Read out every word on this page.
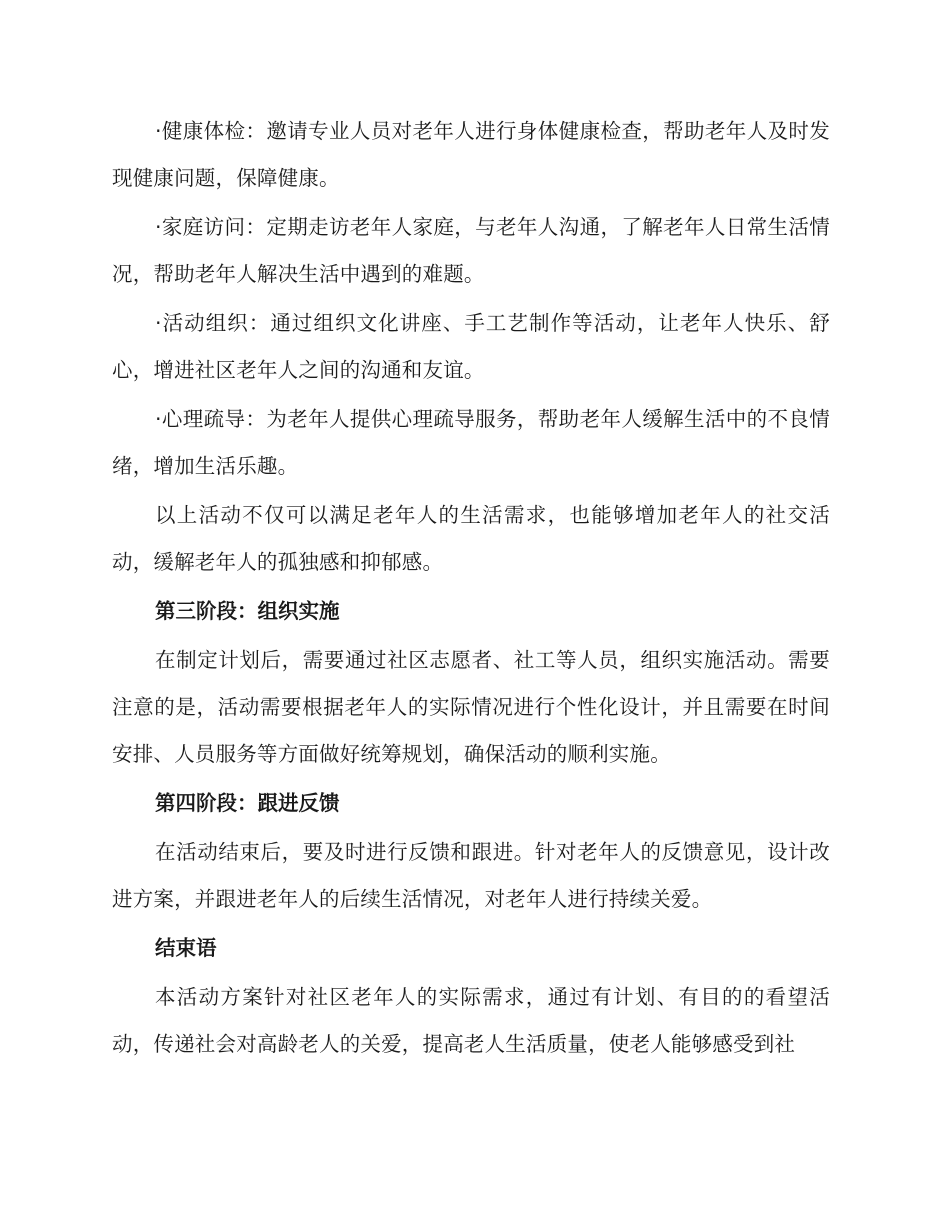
·健康体检：邀请专业人员对老年人进行身体健康检查，帮助老年人及时发现健康问题，保障健康。

·家庭访问：定期走访老年人家庭，与老年人沟通，了解老年人日常生活情况，帮助老年人解决生活中遇到的难题。

·活动组织：通过组织文化讲座、手工艺制作等活动，让老年人快乐、舒心，增进社区老年人之间的沟通和友谊。

·心理疏导：为老年人提供心理疏导服务，帮助老年人缓解生活中的不良情绪，增加生活乐趣。

以上活动不仅可以满足老年人的生活需求，也能够增加老年人的社交活动，缓解老年人的孤独感和抑郁感。

第三阶段：组织实施

在制定计划后，需要通过社区志愿者、社工等人员，组织实施活动。需要注意的是，活动需要根据老年人的实际情况进行个性化设计，并且需要在时间安排、人员服务等方面做好统筹规划，确保活动的顺利实施。

第四阶段：跟进反馈

在活动结束后，要及时进行反馈和跟进。针对老年人的反馈意见，设计改进方案，并跟进老年人的后续生活情况，对老年人进行持续关爱。

结束语

本活动方案针对社区老年人的实际需求，通过有计划、有目的的看望活动，传递社会对高龄老人的关爱，提高老人生活质量，使老人能够感受到社
